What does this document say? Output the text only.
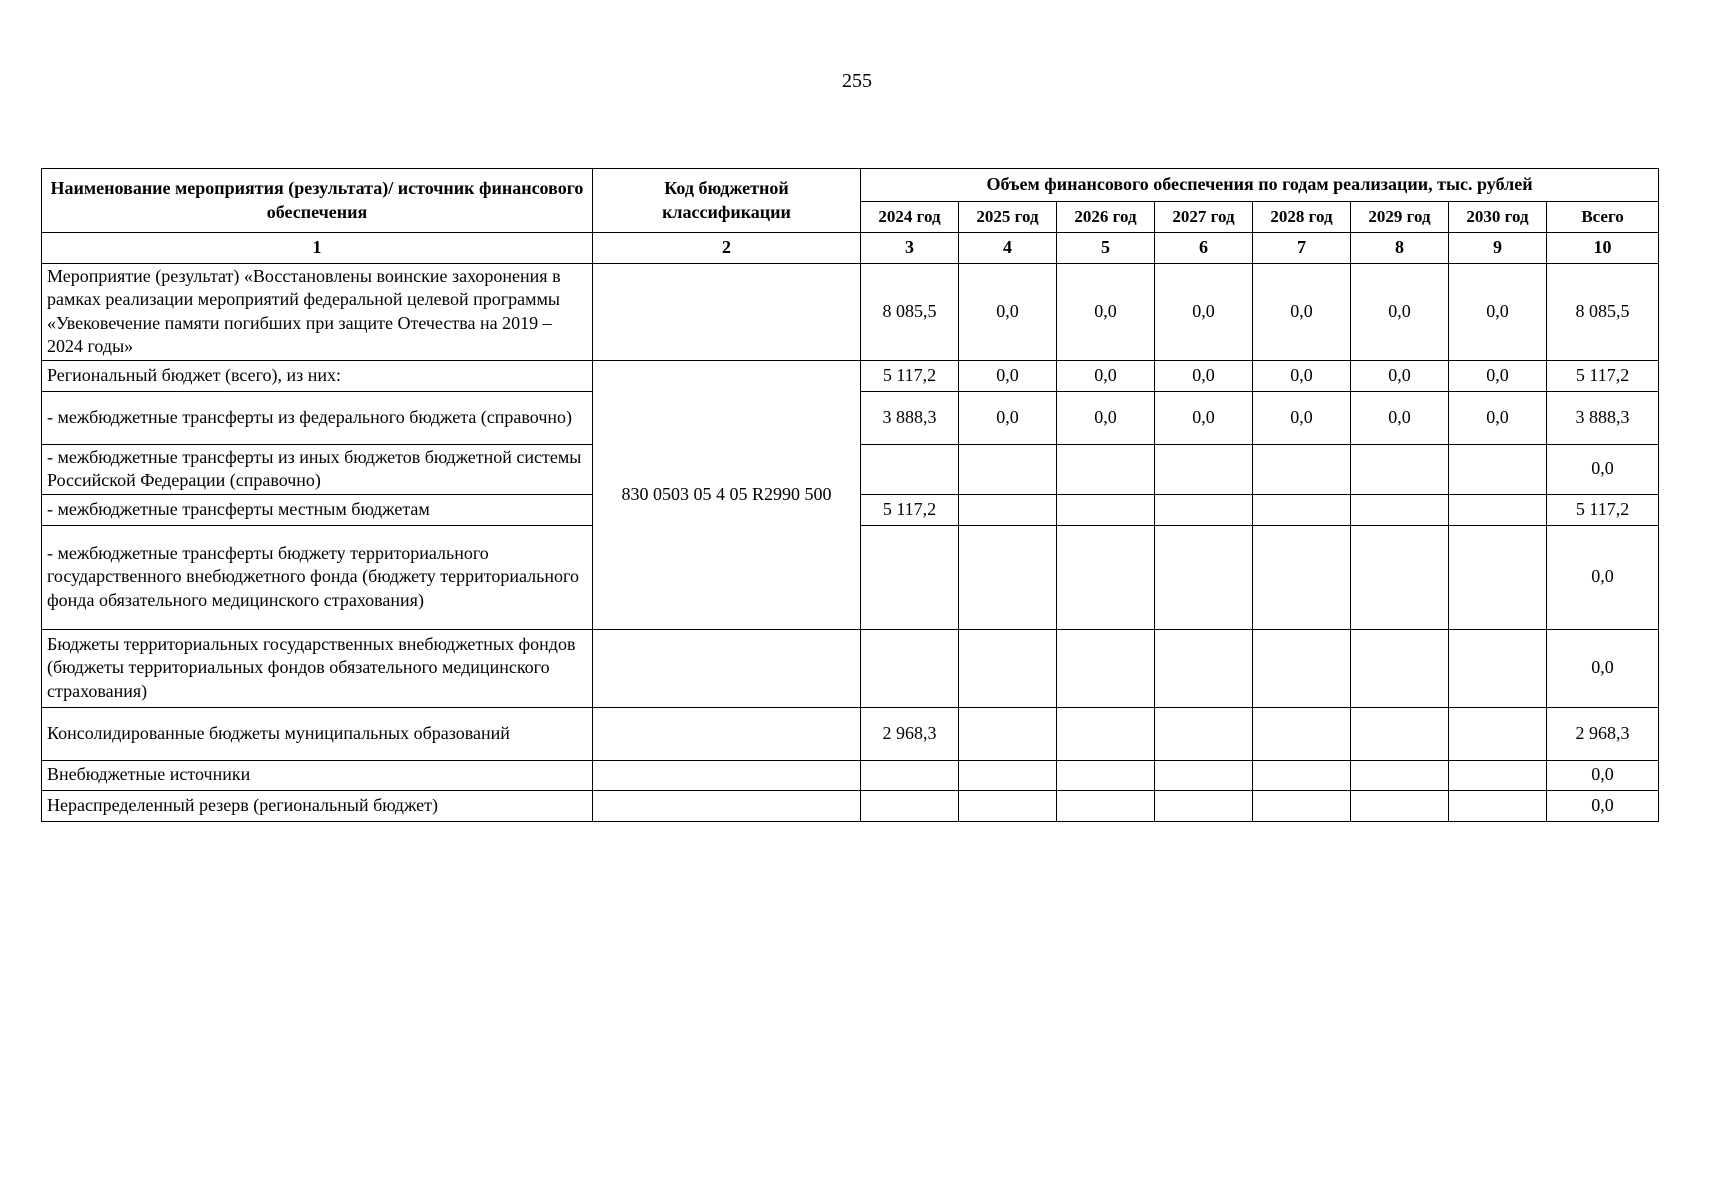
255
Наименование мероприятия (результата)/ источник финансового обеспечения	Код бюджетной классификации	Объем финансового обеспечения по годам реализации, тыс. рублей							
		2024 год	2025 год	2026 год	2027 год	2028 год	2029 год	2030 год	Всего
1	2	3	4	5	6	7	8	9	10
Мероприятие (результат) «Восстановлены воинские захоронения в рамках реализации мероприятий федеральной целевой программы «Увековечение памяти погибших при защите Отечества на 2019 – 2024 годы»		8 085,5	0,0	0,0	0,0	0,0	0,0	0,0	8 085,5
Региональный бюджет (всего), из них:	830 0503 05 4 05 R2990 500	5 117,2	0,0	0,0	0,0	0,0	0,0	0,0	5 117,2
- межбюджетные трансферты из федерального бюджета (справочно)		3 888,3	0,0	0,0	0,0	0,0	0,0	0,0	3 888,3
- межбюджетные трансферты из иных бюджетов бюджетной системы Российской Федерации (справочно)									0,0
- межбюджетные трансферты местным бюджетам		5 117,2							5 117,2
- межбюджетные трансферты бюджету территориального государственного внебюджетного фонда (бюджету территориального фонда обязательного медицинского страхования)									0,0
Бюджеты территориальных государственных внебюджетных фондов (бюджеты территориальных фондов обязательного медицинского страхования)									0,0
Консолидированные бюджеты муниципальных образований		2 968,3							2 968,3
Внебюджетные источники									0,0
Нераспределенный резерв (региональный бюджет)									0,0
